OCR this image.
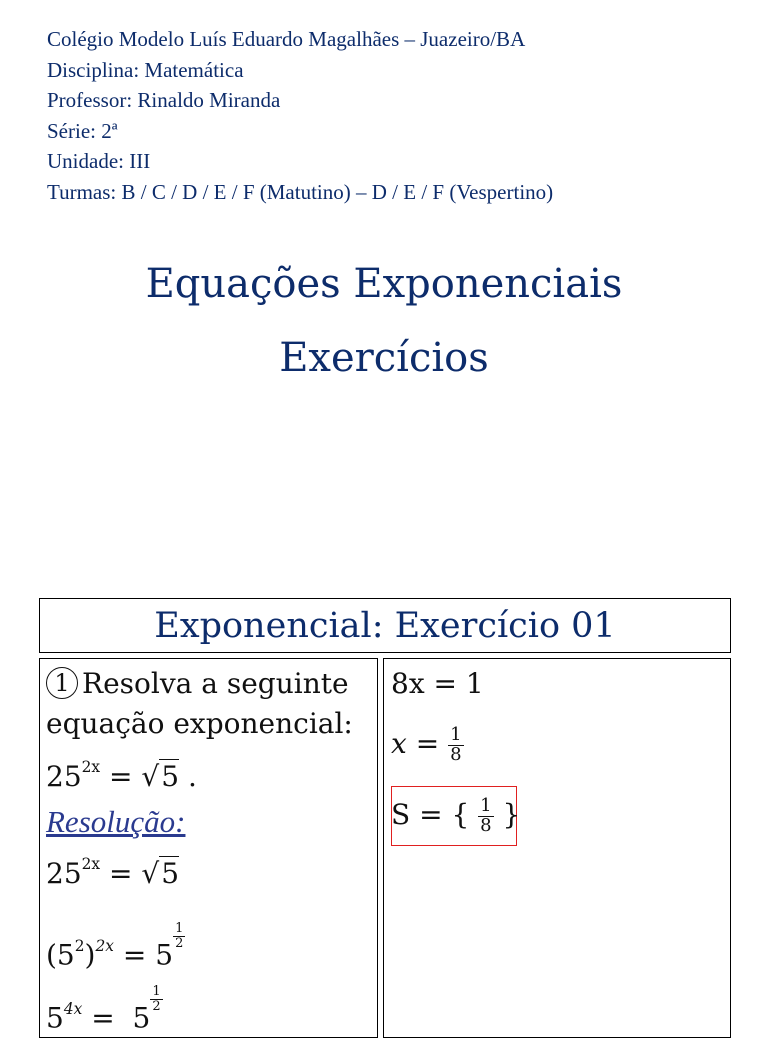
Colégio Modelo Luís Eduardo Magalhães – Juazeiro/BA
Disciplina: Matemática
Professor: Rinaldo Miranda
Série: 2ª
Unidade: III
Turmas: B / C / D / E / F (Matutino) – D / E / F (Vespertino)
Equações Exponenciais
Exercícios
Exponencial: Exercício 01
1 Resolva a seguinte
equação exponencial:
$25^{2x} = √5$ .
Resolução:
$25^{2x} = √5$
$(5^2)^{2x} = 5$
$\frac{1}{2}$
$5^{4x} = 5$
$\frac{1}{2}$
8x = 1
$x = \frac{1}{8}$
S = { $\frac{1}{8}$ }
